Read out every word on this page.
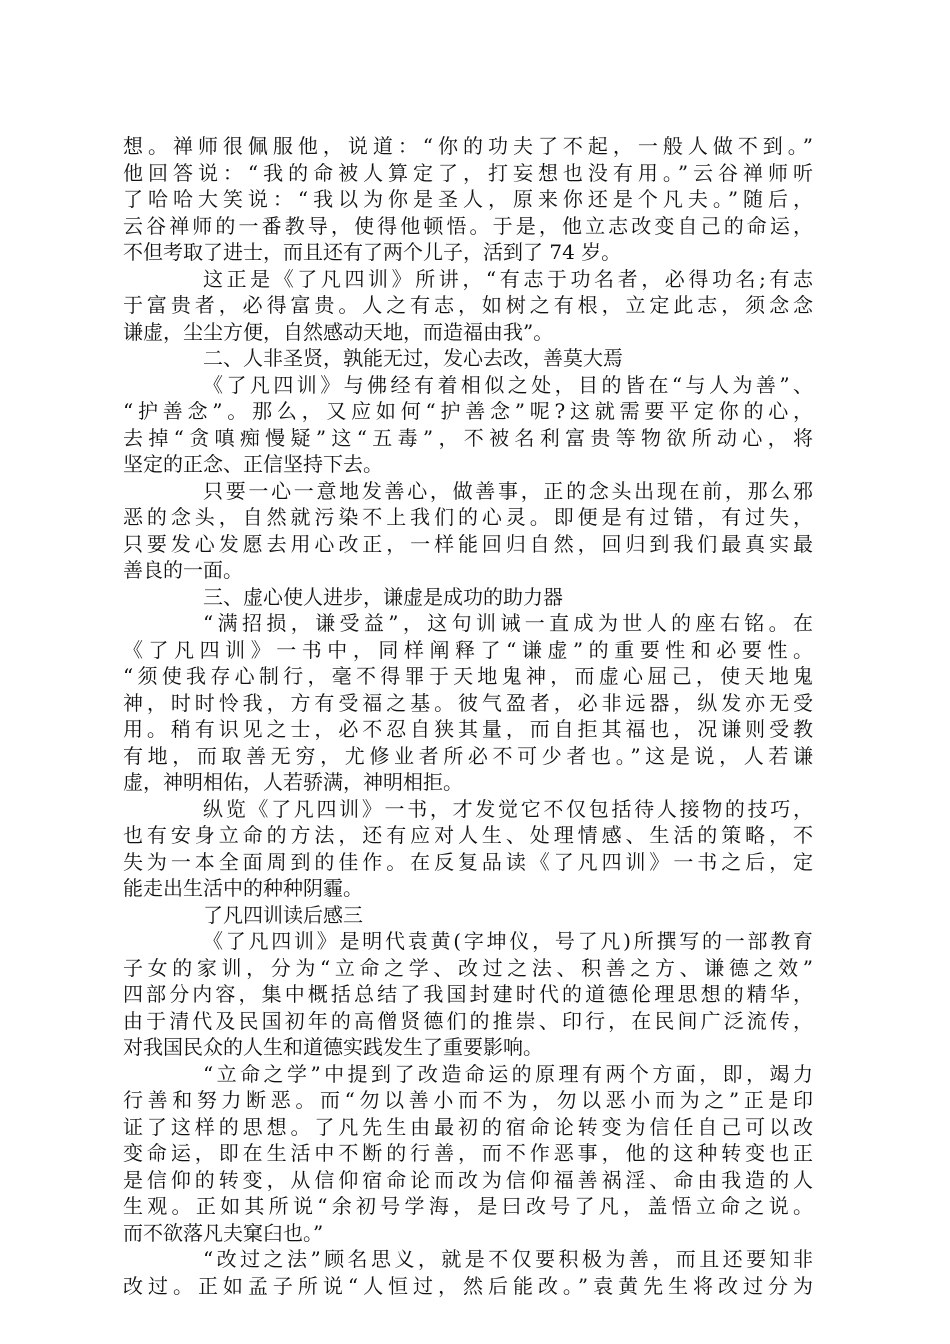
想。禅师很佩服他，说道：“你的功夫了不起，一般人做不到。”
他回答说：“我的命被人算定了，打妄想也没有用。”云谷禅师听
了哈哈大笑说：“我以为你是圣人，原来你还是个凡夫。”随后，
云谷禅师的一番教导，使得他顿悟。于是，他立志改变自己的命运，
不但考取了进士，而且还有了两个儿子，活到了 74 岁。
这正是《了凡四训》所讲，“有志于功名者，必得功名;有志
于富贵者，必得富贵。人之有志，如树之有根，立定此志，须念念
谦虚，尘尘方便，自然感动天地，而造福由我”。
二、人非圣贤，孰能无过，发心去改，善莫大焉
《了凡四训》与佛经有着相似之处，目的皆在“与人为善”、
“护善念”。那么，又应如何“护善念”呢?这就需要平定你的心，
去掉“贪嗔痴慢疑”这“五毒”，不被名利富贵等物欲所动心，将
坚定的正念、正信坚持下去。
只要一心一意地发善心，做善事，正的念头出现在前，那么邪
恶的念头，自然就污染不上我们的心灵。即便是有过错，有过失，
只要发心发愿去用心改正，一样能回归自然，回归到我们最真实最
善良的一面。
三、虚心使人进步，谦虚是成功的助力器
“满招损，谦受益”，这句训诫一直成为世人的座右铭。在
《了凡四训》一书中，同样阐释了“谦虚”的重要性和必要性。
“须使我存心制行，毫不得罪于天地鬼神，而虚心屈己，使天地鬼
神，时时怜我，方有受福之基。彼气盈者，必非远器，纵发亦无受
用。稍有识见之士，必不忍自狭其量，而自拒其福也，况谦则受教
有地，而取善无穷，尤修业者所必不可少者也。”这是说，人若谦
虚，神明相佑，人若骄满，神明相拒。
纵览《了凡四训》一书，才发觉它不仅包括待人接物的技巧，
也有安身立命的方法，还有应对人生、处理情感、生活的策略，不
失为一本全面周到的佳作。在反复品读《了凡四训》一书之后，定
能走出生活中的种种阴霾。
了凡四训读后感三
《了凡四训》是明代袁黄(字坤仪，号了凡)所撰写的一部教育
子女的家训，分为“立命之学、改过之法、积善之方、谦德之效”
四部分内容，集中概括总结了我国封建时代的道德伦理思想的精华，
由于清代及民国初年的高僧贤德们的推崇、印行，在民间广泛流传，
对我国民众的人生和道德实践发生了重要影响。
“立命之学”中提到了改造命运的原理有两个方面，即，竭力
行善和努力断恶。而“勿以善小而不为，勿以恶小而为之”正是印
证了这样的思想。了凡先生由最初的宿命论转变为信任自己可以改
变命运，即在生活中不断的行善，而不作恶事，他的这种转变也正
是信仰的转变，从信仰宿命论而改为信仰福善祸淫、命由我造的人
生观。正如其所说“余初号学海，是曰改号了凡，盖悟立命之说。
而不欲落凡夫窠臼也。”
“改过之法”顾名思义，就是不仅要积极为善，而且还要知非
改过。正如孟子所说“人恒过，然后能改。”袁黄先生将改过分为
